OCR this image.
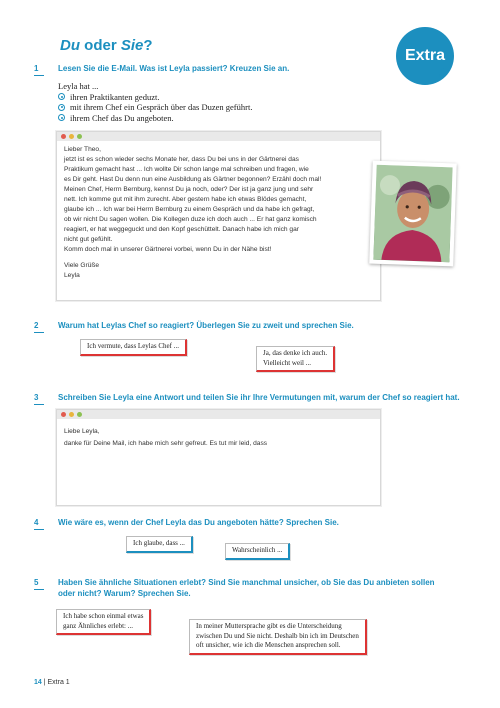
Du oder Sie?
Extra
1 Lesen Sie die E-Mail. Was ist Leyla passiert? Kreuzen Sie an.
Leyla hat ...
ihren Praktikanten geduzt.
mit ihrem Chef ein Gespräch über das Duzen geführt.
ihrem Chef das Du angeboten.
Lieber Theo,
jetzt ist es schon wieder sechs Monate her, dass Du bei uns in der Gärtnerei das
Praktikum gemacht hast ... Ich wollte Dir schon lange mal schreiben und fragen, wie
es Dir geht. Hast Du denn nun eine Ausbildung als Gärtner begonnen? Erzähl doch mal!
Meinen Chef, Herrn Bernburg, kennst Du ja noch, oder? Der ist ja ganz jung und sehr
nett. Ich komme gut mit ihm zurecht. Aber gestern habe ich etwas Blödes gemacht,
glaube ich ... Ich war bei Herrn Bernburg zu einem Gespräch und da habe ich gefragt,
ob wir nicht Du sagen wollen. Die Kollegen duze ich doch auch ... Er hat ganz komisch
reagiert, er hat weggeguckt und den Kopf geschüttelt. Danach habe ich mich gar
nicht gut gefühlt.
Komm doch mal in unserer Gärtnerei vorbei, wenn Du in der Nähe bist!
Viele Grüße
Leyla
2 Warum hat Leylas Chef so reagiert? Überlegen Sie zu zweit und sprechen Sie.
Ich vermute, dass Leylas Chef ...
Ja, das denke ich auch.
Vielleicht weil ...
3 Schreiben Sie Leyla eine Antwort und teilen Sie ihr Ihre Vermutungen mit, warum der Chef so reagiert hat.
Liebe Leyla,
danke für Deine Mail, ich habe mich sehr gefreut. Es tut mir leid, dass
4 Wie wäre es, wenn der Chef Leyla das Du angeboten hätte? Sprechen Sie.
Ich glaube, dass ...
Wahrscheinlich ...
5 Haben Sie ähnliche Situationen erlebt? Sind Sie manchmal unsicher, ob Sie das Du anbieten sollen
oder nicht? Warum? Sprechen Sie.
Ich habe schon einmal etwas
ganz Ähnliches erlebt: ...	In meiner Muttersprache gibt es die Unterscheidung
zwischen Du und Sie nicht. Deshalb bin ich im Deutschen
oft unsicher, wie ich die Menschen ansprechen soll.
14 | Extra 1
